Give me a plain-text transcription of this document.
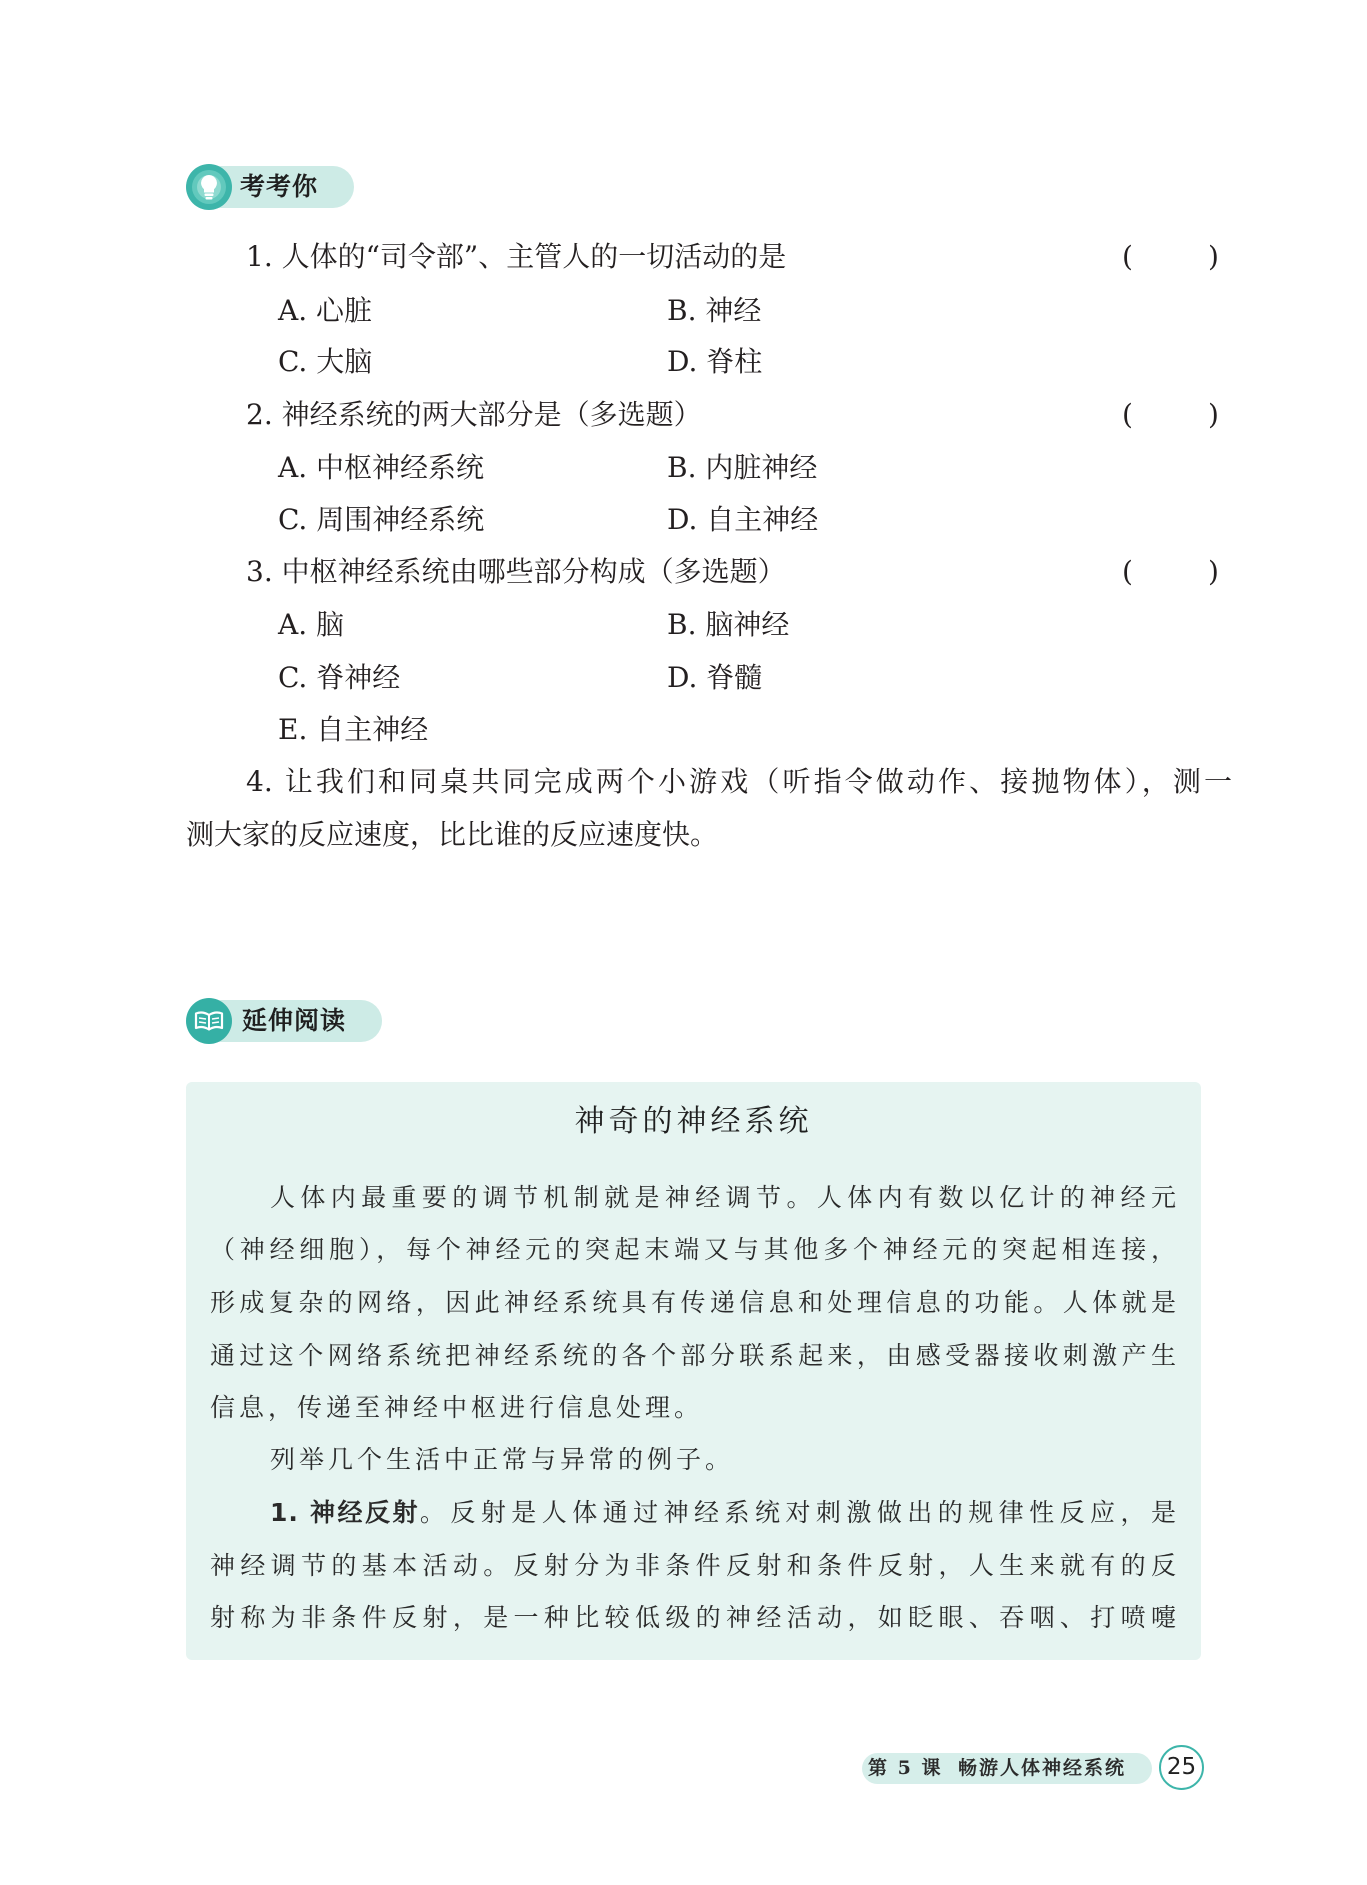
考考你
1. 人体的“司令部”、主管人的一切活动的是	(	)
A. 心脏	B. 神经
C. 大脑	D. 脊柱
2. 神经系统的两大部分是（多选题）	(	)
A. 中枢神经系统	B. 内脏神经
C. 周围神经系统	D. 自主神经
3. 中枢神经系统由哪些部分构成（多选题）	(	)
A. 脑	B. 脑神经
C. 脊神经	D. 脊髓
E. 自主神经
4. 让我们和同桌共同完成两个小游戏（听指令做动作、接抛物体），测一
测大家的反应速度，比比谁的反应速度快。
延伸阅读
神奇的神经系统
人体内最重要的调节机制就是神经调节。人体内有数以亿计的神经元
（神经细胞），每个神经元的突起末端又与其他多个神经元的突起相连接，
形成复杂的网络，因此神经系统具有传递信息和处理信息的功能。人体就是
通过这个网络系统把神经系统的各个部分联系起来，由感受器接收刺激产生
信息，传递至神经中枢进行信息处理。
列举几个生活中正常与异常的例子。
1. 神经反射。反射是人体通过神经系统对刺激做出的规律性反应，是
神经调节的基本活动。反射分为非条件反射和条件反射，人生来就有的反
射称为非条件反射，是一种比较低级的神经活动，如眨眼、吞咽、打喷嚏
第 5 课 畅游人体神经系统	25
